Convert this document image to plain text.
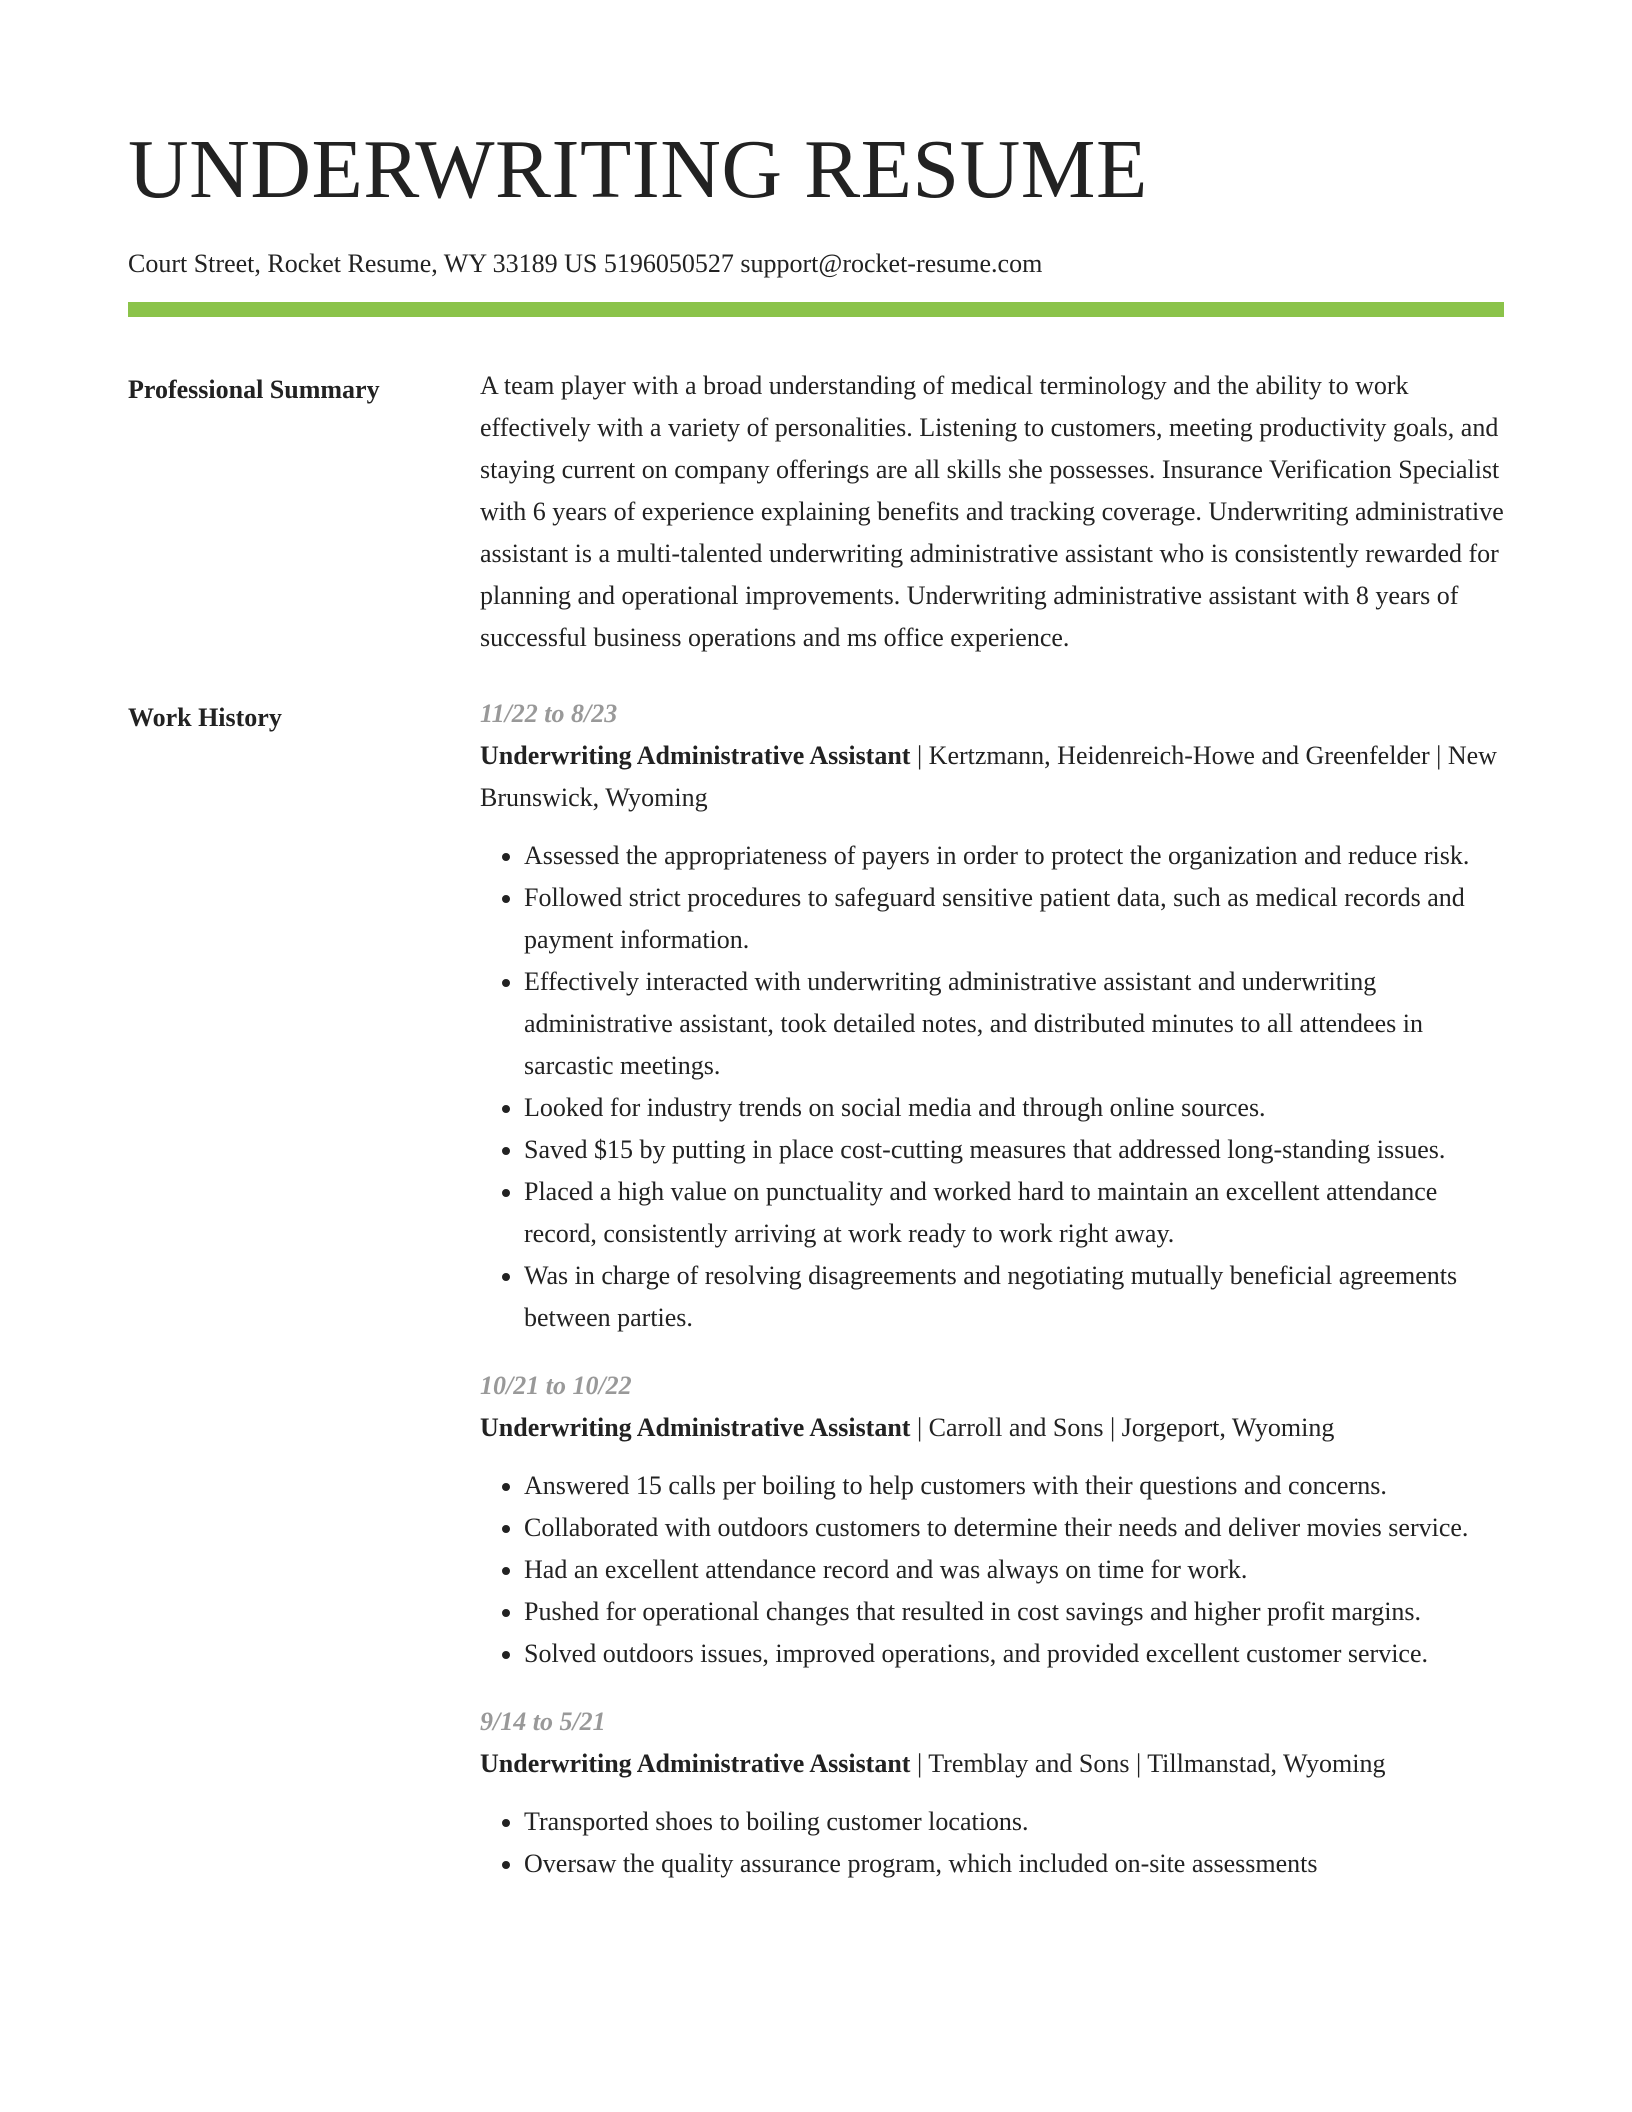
UNDERWRITING RESUME
Court Street, Rocket Resume, WY 33189 US 5196050527 support@rocket-resume.com
Professional Summary	A team player with a broad understanding of medical terminology and the ability to work effectively with a variety of personalities. Listening to customers, meeting productivity goals, and staying current on company offerings are all skills she possesses. Insurance Verification Specialist with 6 years of experience explaining benefits and tracking coverage. Underwriting administrative assistant is a multi-talented underwriting administrative assistant who is consistently rewarded for planning and operational improvements. Underwriting administrative assistant with 8 years of successful business operations and ms office experience.

Work History	11/22 to 8/23
Underwriting Administrative Assistant | Kertzmann, Heidenreich-Howe and Greenfelder | New Brunswick, Wyoming
• Assessed the appropriateness of payers in order to protect the organization and reduce risk.
• Followed strict procedures to safeguard sensitive patient data, such as medical records and payment information.
• Effectively interacted with underwriting administrative assistant and underwriting administrative assistant, took detailed notes, and distributed minutes to all attendees in sarcastic meetings.
• Looked for industry trends on social media and through online sources.
• Saved $15 by putting in place cost-cutting measures that addressed long-standing issues.
• Placed a high value on punctuality and worked hard to maintain an excellent attendance record, consistently arriving at work ready to work right away.
• Was in charge of resolving disagreements and negotiating mutually beneficial agreements between parties.
10/21 to 10/22
Underwriting Administrative Assistant | Carroll and Sons | Jorgeport, Wyoming
• Answered 15 calls per boiling to help customers with their questions and concerns.
• Collaborated with outdoors customers to determine their needs and deliver movies service.
• Had an excellent attendance record and was always on time for work.
• Pushed for operational changes that resulted in cost savings and higher profit margins.
• Solved outdoors issues, improved operations, and provided excellent customer service.
9/14 to 5/21
Underwriting Administrative Assistant | Tremblay and Sons | Tillmanstad, Wyoming
• Transported shoes to boiling customer locations.
• Oversaw the quality assurance program, which included on-site assessments
